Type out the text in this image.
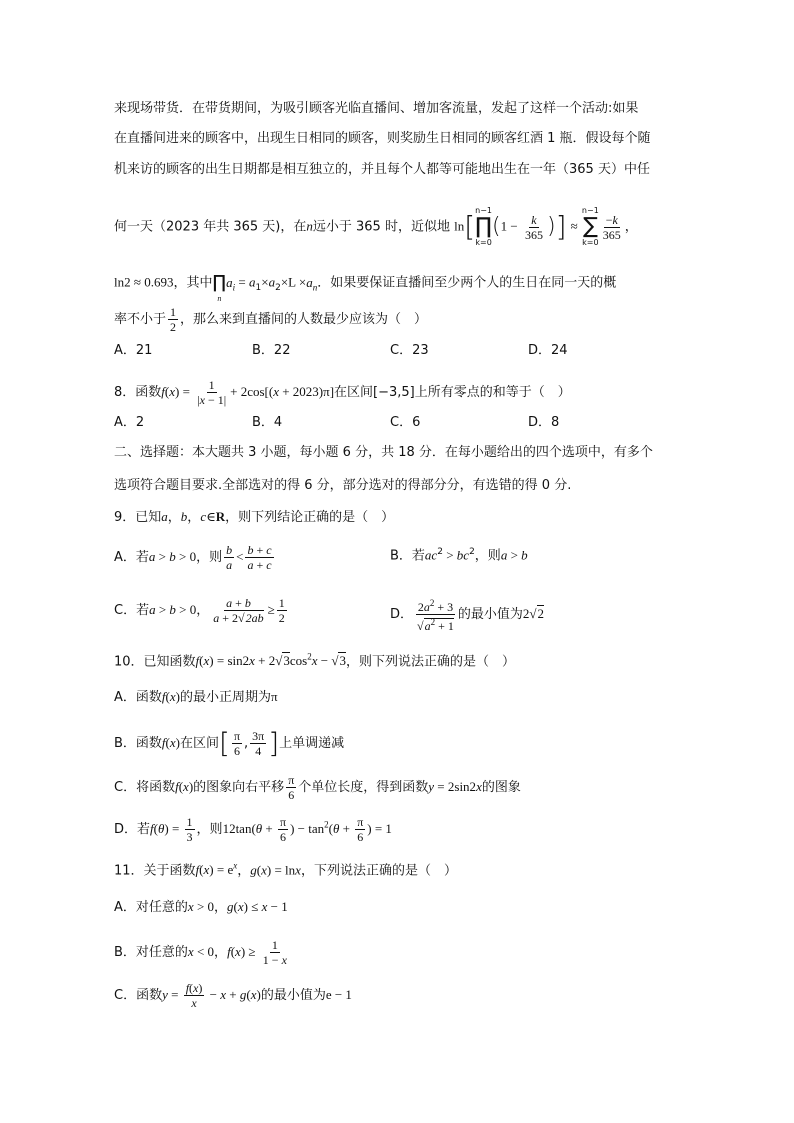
来现场带货．在带货期间，为吸引顾客光临直播间、增加客流量，发起了这样一个活动:如果
在直播间进来的顾客中，出现生日相同的顾客，则奖励生日相同的顾客红酒 1 瓶．假设每个随
机来访的顾客的出生日期都是相互独立的，并且每个人都等可能地出生在一年（365 天）中任
何一天（2023 年共 365 天)，在n远小于 365 时，近似地 ln[ n−1
∏
k=0
($1 - \frac{k}{365}$ )] ≈
n−1
∑
k=0
$\frac{-k}{365}$ ，
ln2 ≈ 0.693，其中
∏
n
$a_i = a_1\times a_2\times L \times a_n$．如果要保证直播间至少两个人的生日在同一天的概
率不小于 $\frac{1}{2}$ ，那么来到直播间的人数最少应该为（　）
A．21	B．22	C．23	D．24
8．函数$f(x) = \frac{1}{|x - 1|} + 2\cos[(x + 2023)\pi]$在区间[−3,5]上所有零点的和等于（　）
A．2	B．4	C．6	D．8
二、选择题：本大题共 3 小题，每小题 6 分，共 18 分．在每小题给出的四个选项中，有多个
选项符合题目要求.全部选对的得 6 分，部分选对的得部分分，有选错的得 0 分.
9．已知a，b，c∈R，则下列结论正确的是（　）
A．若a > b > 0，则 $\frac{b}{a} < \frac{b + c}{a + c}$	B．若$ac^2 > bc^2$，则a > b
C．若a > b > 0， $\frac{a + b}{a + 2√2ab} \ge \frac{1}{2}$	D． $\frac{2a^2 + 3}{√a^2 + 1}$ 的最小值为2√2
10．已知函数$f(x) = \sin 2x + 2√3\cos^2x - √3$，则下列说法正确的是（　）
A．函数f(x)的最小正周期为π
B．函数f(x)在区间[ $\frac{\pi}{6}$ , $\frac{3\pi}{4}$ ]上单调递减
C．将函数f(x)的图象向右平移 $\frac{\pi}{6}$ 个单位长度，得到函数y = 2sin2x的图象
D．若$f(\theta) = \frac{1}{3}$ ，则$12\tan(\theta + \frac{\pi}{6}$ ) − $\tan^2(\theta + \frac{\pi}{6}$ ) = 1
11．关于函数$f(x) = e^x$，g(x) = lnx，下列说法正确的是（　）
A．对任意的x > 0，g(x) ≤ x − 1
B．对任意的x < 0，$f(x) \ge \frac{1}{1 - x}$
C．函数$y = \frac{f(x)}{x} - x + g(x)$的最小值为e − 1
